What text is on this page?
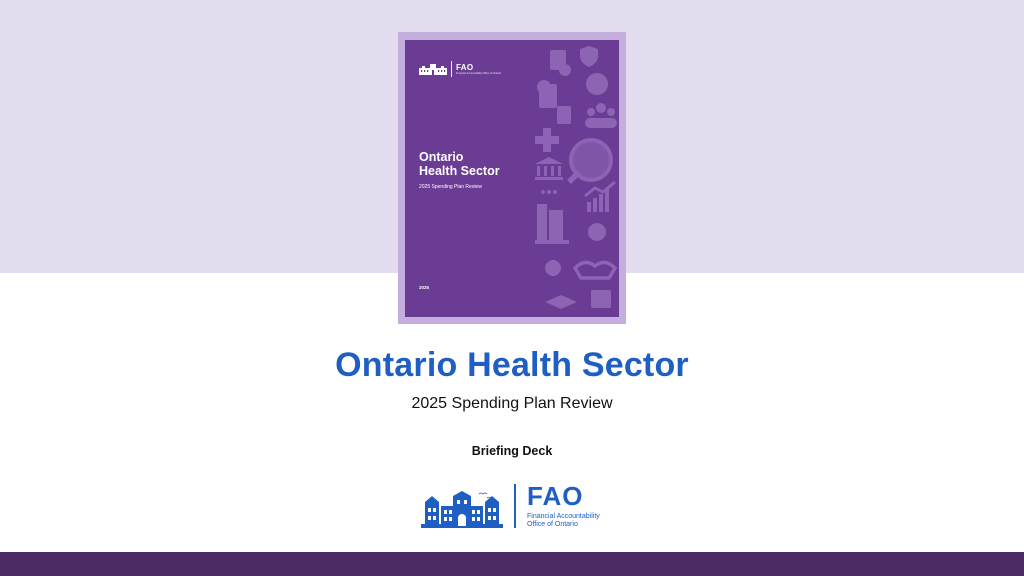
FAO
Financial Accountability Office of Ontario
Ontario
Health Sector
2025 Spending Plan Review
2025
Ontario Health Sector
2025 Spending Plan Review
Briefing Deck
FAO
Financial Accountability
Office of Ontario
